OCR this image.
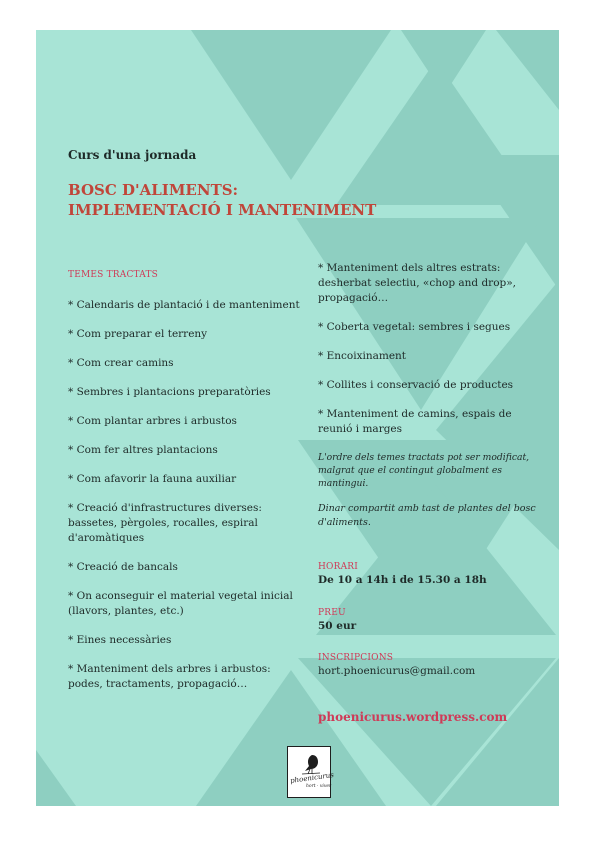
Curs d'una jornada
BOSC D'ALIMENTS:
IMPLEMENTACIÓ I MANTENIMENT
TEMES TRACTATS
* Calendaris de plantació i de manteniment
* Com preparar el terreny
* Com crear camins
* Sembres i plantacions preparatòries
* Com plantar arbres i arbustos
* Com fer altres plantacions
* Com afavorir la fauna auxiliar
* Creació d'infrastructures diverses: bassetes, pèrgoles, rocalles, espiral d'aromàtiques
* Creació de bancals
* On aconseguir el material vegetal inicial (llavors, plantes, etc.)
* Eines necessàries
* Manteniment dels arbres i arbustos: podes, tractaments, propagació…
* Manteniment dels altres estrats: desherbat selectiu, «chop and drop», propagació…
* Coberta vegetal: sembres i segues
* Encoixinament
* Collites i conservació de productes
* Manteniment de camins, espais de reunió i marges
L'ordre dels temes tractats pot ser modificat, malgrat que el contingut globalment es mantingui.
Dinar compartit amb tast de plantes del bosc d'aliments.
HORARI
De 10 a 14h i de 15.30 a 18h
PREU
50 eur
INSCRIPCIONS
hort.phoenicurus@gmail.com
phoenicurus.wordpress.com
phoenicurus
hort · viver
